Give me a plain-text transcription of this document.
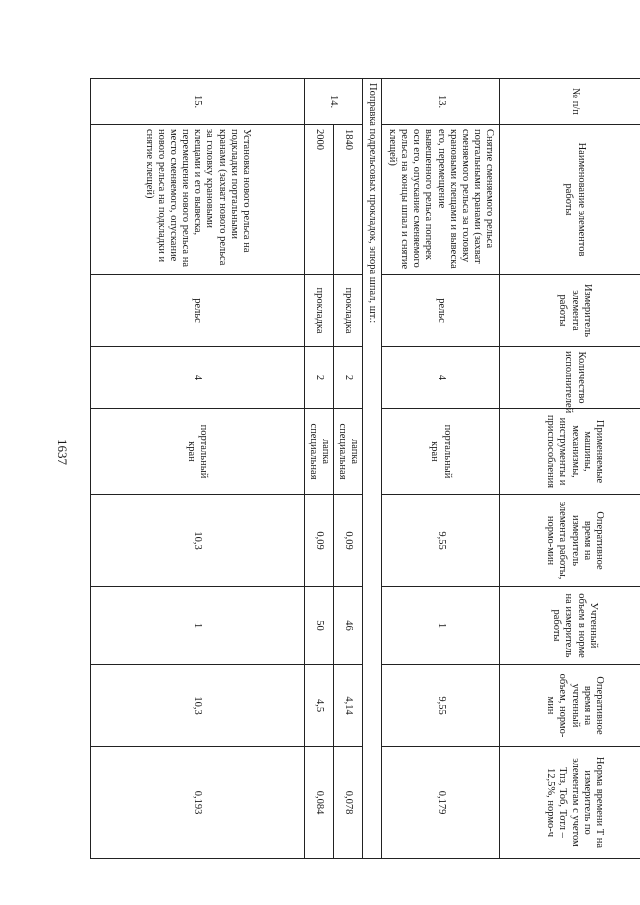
1637
№ п/п	Наименование элементов работы	Измеритель элемента работы	Количество исполнителей	Применяемые машины, механизмы, инструменты и приспособления	Оперативное время на измеритель элемента работы, нормо-мин	Учтенный объем в норме на измеритель работы	Оперативное время на учтенный объем, нормо-мин	Норма времени Т на измеритель по элементам с учетом Тпз, Тоб, Тотл – 12,5%, нормо-ч
13.	Снятие сменяемого рельса портальными кранами (захват сменяемого рельса за головку крановыми клещами и вывеска его, перемещение вывешенного рельса поперек оси его, опускание сменяемого рельса на концы шпал и снятие клещей)	рельс	4	портальный кран	9,55	1	9,55	0,179
Поправка подрельсовых прокладок, эпюра шпал, шт.:								
14.	1840	прокладка	2	лапка специальная	0,09	46	4,14	0,078
	2000	прокладка	2	лапка специальная	0,09	50	4,5	0,084
15.	Установка нового рельса на подкладки портальными кранами (захват нового рельса за головку крановыми клещами и его вывеска, перемещение нового рельса на место сменяемого, опускание нового рельса на подкладки и снятие клещей)	рельс	4	портальный кран	10,3	1	10,3	0,193
